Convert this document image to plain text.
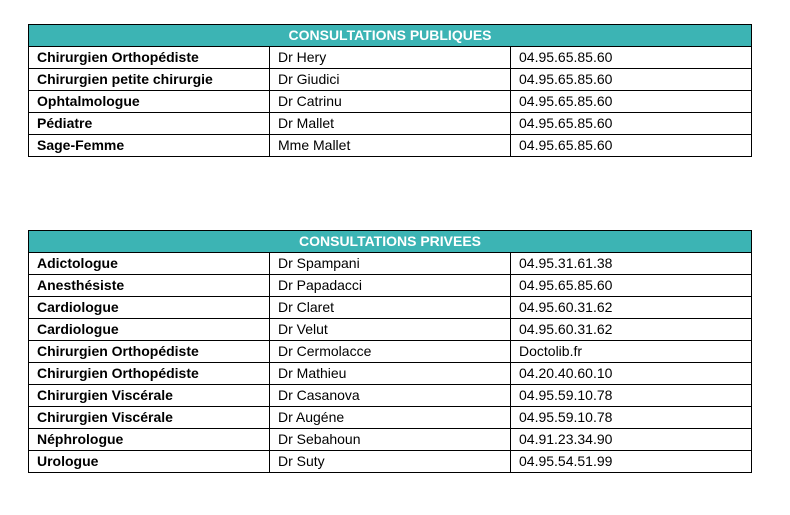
CONSULTATIONS PUBLIQUES		
Chirurgien Orthopédiste	Dr Hery	04.95.65.85.60
Chirurgien petite chirurgie	Dr Giudici	04.95.65.85.60
Ophtalmologue	Dr Catrinu	04.95.65.85.60
Pédiatre	Dr Mallet	04.95.65.85.60
Sage-Femme	Mme Mallet	04.95.65.85.60
CONSULTATIONS PRIVEES		
Adictologue	Dr Spampani	04.95.31.61.38
Anesthésiste	Dr Papadacci	04.95.65.85.60
Cardiologue	Dr Claret	04.95.60.31.62
Cardiologue	Dr Velut	04.95.60.31.62
Chirurgien Orthopédiste	Dr Cermolacce	Doctolib.fr
Chirurgien Orthopédiste	Dr Mathieu	04.20.40.60.10
Chirurgien Viscérale	Dr Casanova	04.95.59.10.78
Chirurgien Viscérale	Dr Augéne	04.95.59.10.78
Néphrologue	Dr Sebahoun	04.91.23.34.90
Urologue	Dr Suty	04.95.54.51.99
